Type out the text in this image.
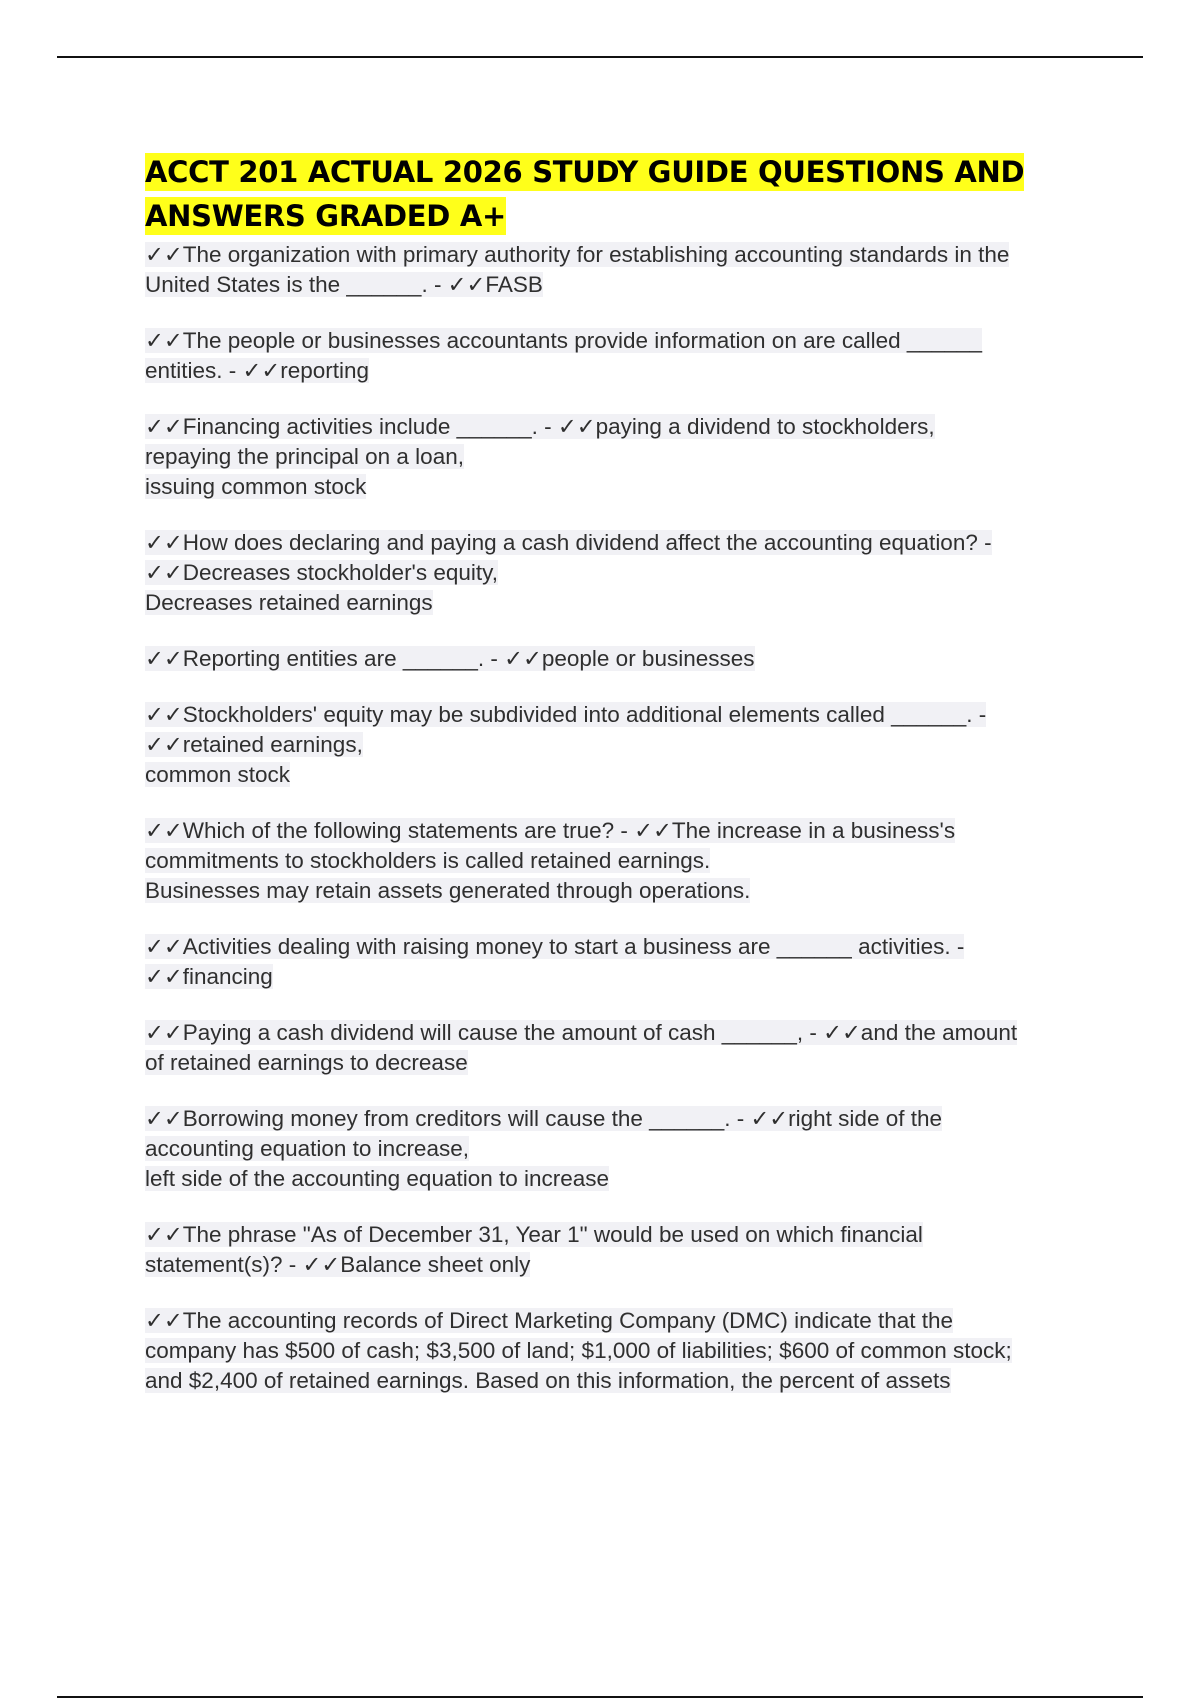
ACCT 201 ACTUAL 2026 STUDY GUIDE QUESTIONS AND
ANSWERS GRADED A+
✓✓The organization with primary authority for establishing accounting standards in the
United States is the ______. - ✓✓FASB
✓✓The people or businesses accountants provide information on are called ______
entities. - ✓✓reporting
✓✓Financing activities include ______. - ✓✓paying a dividend to stockholders,
repaying the principal on a loan,
issuing common stock
✓✓How does declaring and paying a cash dividend affect the accounting equation? -
✓✓Decreases stockholder's equity,
Decreases retained earnings
✓✓Reporting entities are ______. - ✓✓people or businesses
✓✓Stockholders' equity may be subdivided into additional elements called ______. -
✓✓retained earnings,
common stock
✓✓Which of the following statements are true? - ✓✓The increase in a business's
commitments to stockholders is called retained earnings.
Businesses may retain assets generated through operations.
✓✓Activities dealing with raising money to start a business are ______ activities. -
✓✓financing
✓✓Paying a cash dividend will cause the amount of cash ______, - ✓✓and the amount
of retained earnings to decrease
✓✓Borrowing money from creditors will cause the ______. - ✓✓right side of the
accounting equation to increase,
left side of the accounting equation to increase
✓✓The phrase "As of December 31, Year 1" would be used on which financial
statement(s)? - ✓✓Balance sheet only
✓✓The accounting records of Direct Marketing Company (DMC) indicate that the
company has $500 of cash; $3,500 of land; $1,000 of liabilities; $600 of common stock;
and $2,400 of retained earnings. Based on this information, the percent of assets
